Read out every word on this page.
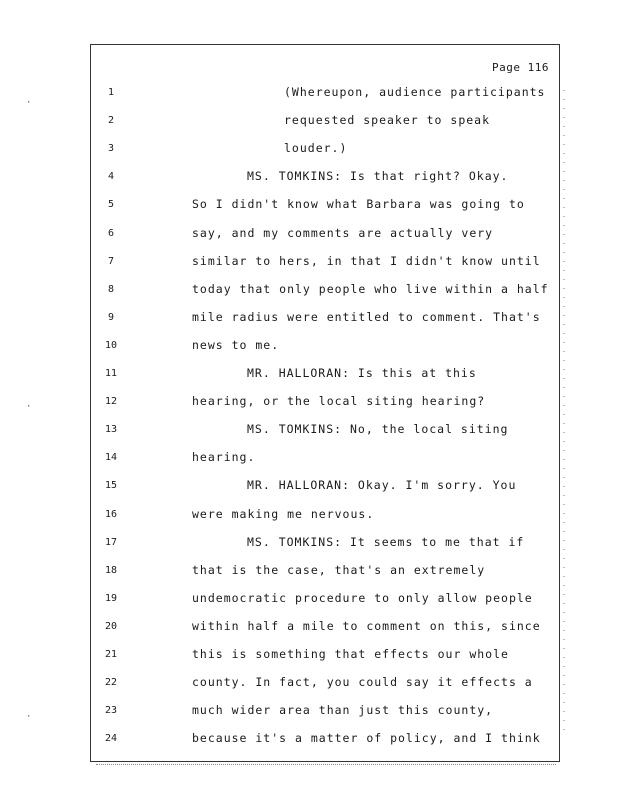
Page 116
1	(Whereupon, audience participants
2	requested speaker to speak
3	louder.)
4	MS. TOMKINS: Is that right? Okay.
5	So I didn't know what Barbara was going to
6	say, and my comments are actually very
7	similar to hers, in that I didn't know until
8	today that only people who live within a half
9	mile radius were entitled to comment. That's
10	news to me.
11	MR. HALLORAN: Is this at this
12	hearing, or the local siting hearing?
13	MS. TOMKINS: No, the local siting
14	hearing.
15	MR. HALLORAN: Okay. I'm sorry. You
16	were making me nervous.
17	MS. TOMKINS: It seems to me that if
18	that is the case, that's an extremely
19	undemocratic procedure to only allow people
20	within half a mile to comment on this, since
21	this is something that effects our whole
22	county. In fact, you could say it effects a
23	much wider area than just this county,
24	because it's a matter of policy, and I think
·
·
·
